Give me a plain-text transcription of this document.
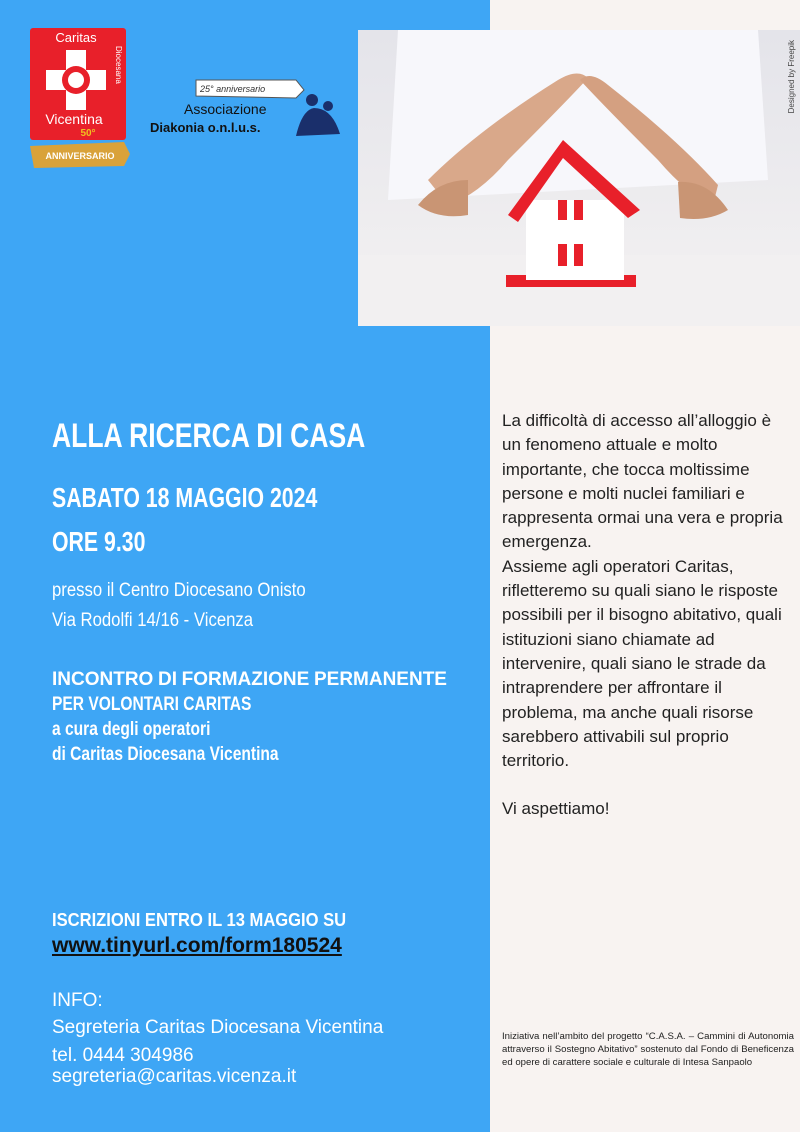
Caritas
Diocesana
Vicentina
50°
ANNIVERSARIO
25° anniversario
Associazione
Diakonia o.n.l.u.s.
Designed by Freepik
ALLA RICERCA DI CASA
SABATO 18 MAGGIO 2024
ORE 9.30
presso il Centro Diocesano Onisto
Via Rodolfi 14/16 - Vicenza
INCONTRO DI FORMAZIONE PERMANENTE
PER VOLONTARI CARITAS
a cura degli operatori
di Caritas Diocesana Vicentina
ISCRIZIONI ENTRO IL 13 MAGGIO SU
www.tinyurl.com/form180524
INFO:
Segreteria Caritas Diocesana Vicentina
tel. 0444 304986
segreteria@caritas.vicenza.it

La difficoltà di accesso all’alloggio è un fenomeno attuale e molto importante, che tocca moltissime persone e molti nuclei familiari e rappresenta ormai una vera e propria emergenza.

Assieme agli operatori Caritas, rifletteremo su quali siano le risposte possibili per il bisogno abitativo, quali istituzioni siano chiamate ad intervenire, quali siano le strade da intraprendere per affrontare il problema, ma anche quali risorse sarebbero attivabili sul proprio territorio.

Vi aspettiamo!

Iniziativa nell’ambito del progetto “C.A.S.A. – Cammini di Autonomia attraverso il Sostegno Abitativo” sostenuto dal Fondo di Beneficenza ed opere di carattere sociale e culturale di Intesa Sanpaolo
